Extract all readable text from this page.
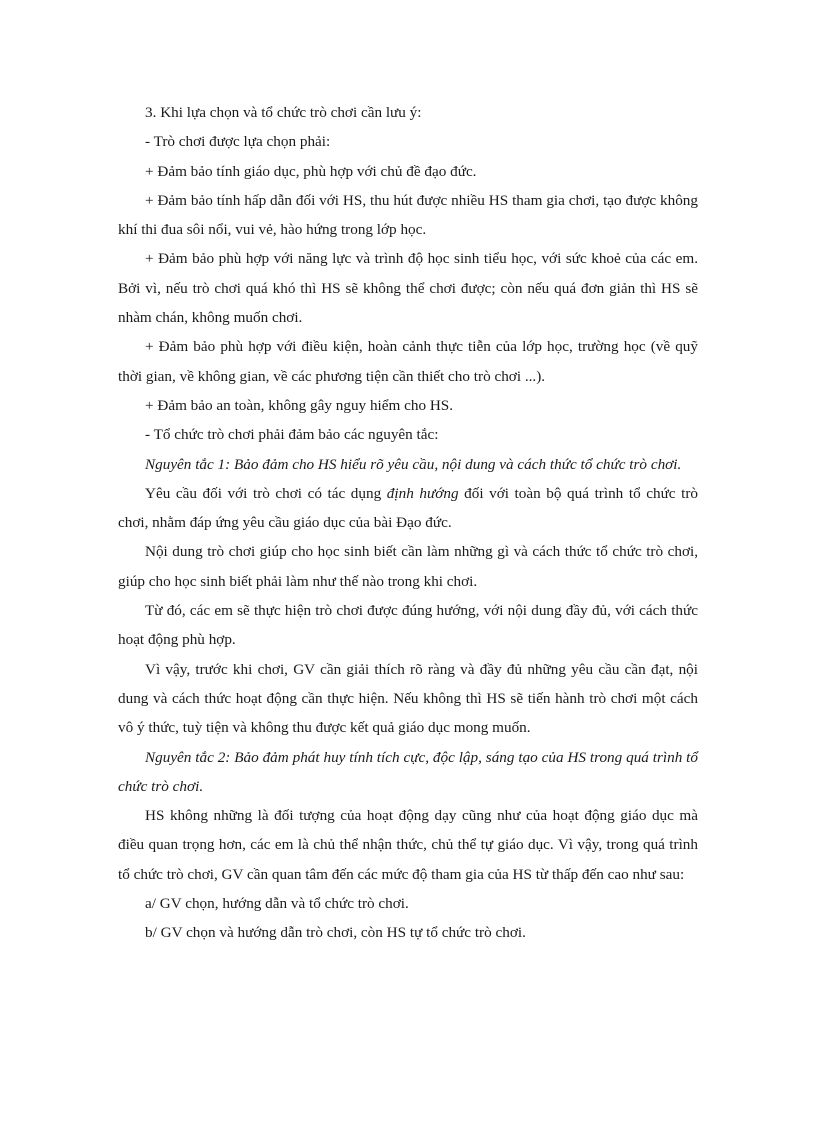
3. Khi lựa chọn và tổ chức trò chơi cần lưu ý:

- Trò chơi được lựa chọn phải:

+ Đảm bảo tính giáo dục, phù hợp với chủ đề đạo đức.

+ Đảm bảo tính hấp dẫn đối với HS, thu hút được nhiều HS tham gia chơi, tạo được không khí thi đua sôi nổi, vui vẻ, hào hứng trong lớp học.

+ Đảm bảo phù hợp với năng lực và trình độ học sinh tiểu học, với sức khoẻ của các em. Bởi vì, nếu trò chơi quá khó thì HS sẽ không thể chơi được; còn nếu quá đơn giản thì HS sẽ nhàm chán, không muốn chơi.

+ Đảm bảo phù hợp với điều kiện, hoàn cảnh thực tiễn của lớp học, trường học (về quỹ thời gian, về không gian, về các phương tiện cần thiết cho trò chơi ...).

+ Đảm bảo an toàn, không gây nguy hiểm cho HS.

- Tổ chức trò chơi phải đảm bảo các nguyên tắc:

Nguyên tắc 1: Bảo đảm cho HS hiểu rõ yêu cầu, nội dung và cách thức tổ chức trò chơi.

Yêu cầu đối với trò chơi có tác dụng định hướng đối với toàn bộ quá trình tổ chức trò chơi, nhằm đáp ứng yêu cầu giáo dục của bài Đạo đức.

Nội dung trò chơi giúp cho học sinh biết cần làm những gì và cách thức tổ chức trò chơi, giúp cho học sinh biết phải làm như thế nào trong khi chơi.

Từ đó, các em sẽ thực hiện trò chơi được đúng hướng, với nội dung đầy đủ, với cách thức hoạt động phù hợp.

Vì vậy, trước khi chơi, GV cần giải thích rõ ràng và đầy đủ những yêu cầu cần đạt, nội dung và cách thức hoạt động cần thực hiện. Nếu không thì HS sẽ tiến hành trò chơi một cách vô ý thức, tuỳ tiện và không thu được kết quả giáo dục mong muốn.

Nguyên tắc 2: Bảo đảm phát huy tính tích cực, độc lập, sáng tạo của HS trong quá trình tổ chức trò chơi.

HS không những là đối tượng của hoạt động dạy cũng như của hoạt động giáo dục mà điều quan trọng hơn, các em là chủ thể nhận thức, chủ thể tự giáo dục. Vì vậy, trong quá trình tổ chức trò chơi, GV cần quan tâm đến các mức độ tham gia của HS từ thấp đến cao như sau:

a/ GV chọn, hướng dẫn và tổ chức trò chơi.

b/ GV chọn và hướng dẫn trò chơi, còn HS tự tổ chức trò chơi.
